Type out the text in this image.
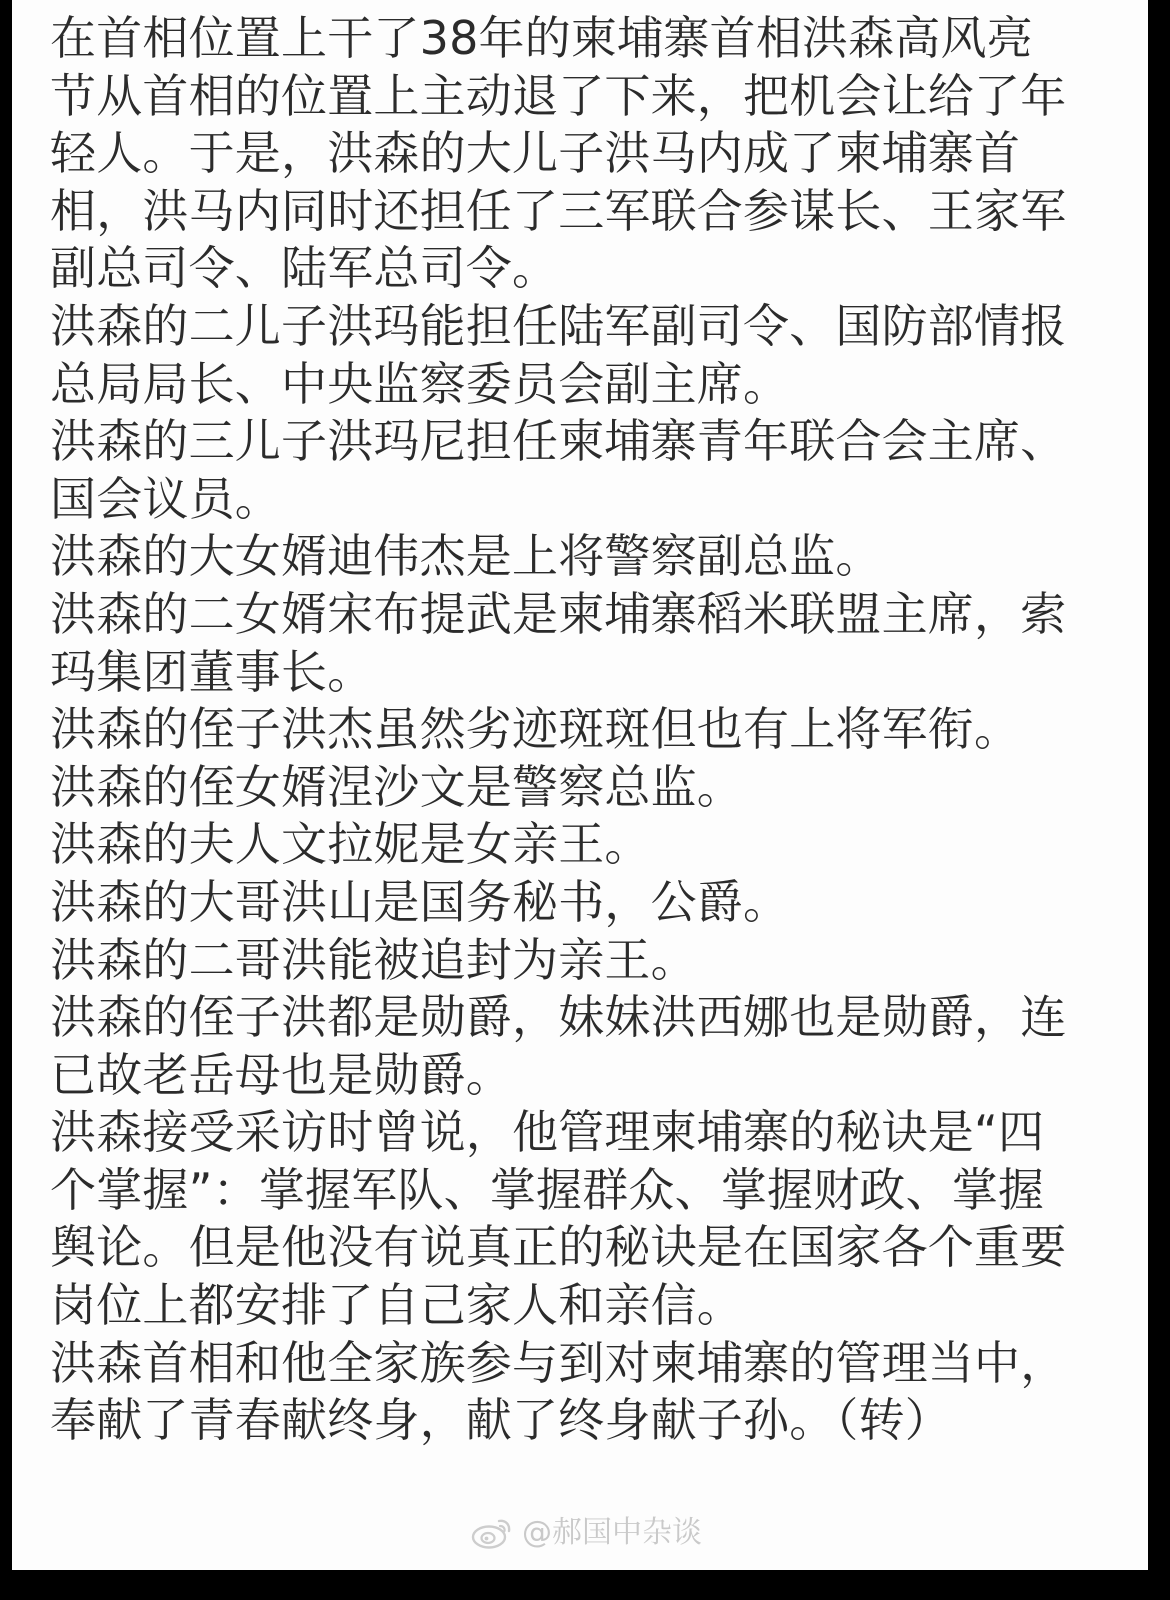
在首相位置上干了38年的柬埔寨首相洪森高风亮
节从首相的位置上主动退了下来，把机会让给了年
轻人。于是，洪森的大儿子洪马内成了柬埔寨首
相，洪马内同时还担任了三军联合参谋长、王家军
副总司令、陆军总司令。
洪森的二儿子洪玛能担任陆军副司令、国防部情报
总局局长、中央监察委员会副主席。
洪森的三儿子洪玛尼担任柬埔寨青年联合会主席、
国会议员。
洪森的大女婿迪伟杰是上将警察副总监。
洪森的二女婿宋布提武是柬埔寨稻米联盟主席，索
玛集团董事长。
洪森的侄子洪杰虽然劣迹斑斑但也有上将军衔。
洪森的侄女婿涅沙文是警察总监。
洪森的夫人文拉妮是女亲王。
洪森的大哥洪山是国务秘书，公爵。
洪森的二哥洪能被追封为亲王。
洪森的侄子洪都是勋爵，妹妹洪西娜也是勋爵，连
已故老岳母也是勋爵。
洪森接受采访时曾说，他管理柬埔寨的秘诀是“四
个掌握”：掌握军队、掌握群众、掌握财政、掌握
舆论。但是他没有说真正的秘诀是在国家各个重要
岗位上都安排了自己家人和亲信。
洪森首相和他全家族参与到对柬埔寨的管理当中，
奉献了青春献终身，献了终身献子孙。（转）
@郝国中杂谈
